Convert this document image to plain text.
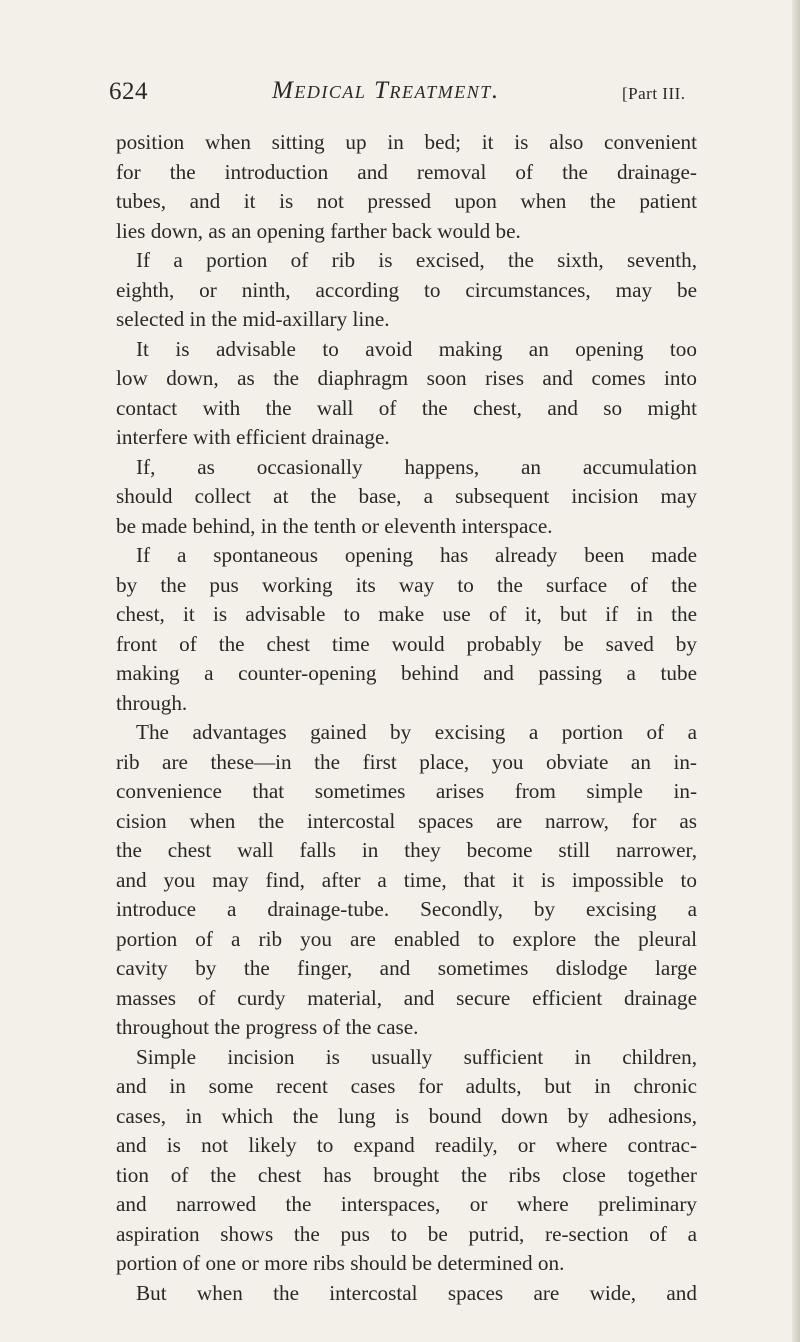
624	Medical Treatment.	[Part III.
position when sitting up in bed; it is also convenient
for the introduction and removal of the drainage-
tubes, and it is not pressed upon when the patient
lies down, as an opening farther back would be.
If a portion of rib is excised, the sixth, seventh,
eighth, or ninth, according to circumstances, may be
selected in the mid-axillary line.
It is advisable to avoid making an opening too
low down, as the diaphragm soon rises and comes into
contact with the wall of the chest, and so might
interfere with efficient drainage.
If, as occasionally happens, an accumulation
should collect at the base, a subsequent incision may
be made behind, in the tenth or eleventh interspace.
If a spontaneous opening has already been made
by the pus working its way to the surface of the
chest, it is advisable to make use of it, but if in the
front of the chest time would probably be saved by
making a counter-opening behind and passing a tube
through.
The advantages gained by excising a portion of a
rib are these—in the first place, you obviate an in-
convenience that sometimes arises from simple in-
cision when the intercostal spaces are narrow, for as
the chest wall falls in they become still narrower,
and you may find, after a time, that it is impossible to
introduce a drainage-tube. Secondly, by excising a
portion of a rib you are enabled to explore the pleural
cavity by the finger, and sometimes dislodge large
masses of curdy material, and secure efficient drainage
throughout the progress of the case.
Simple incision is usually sufficient in children,
and in some recent cases for adults, but in chronic
cases, in which the lung is bound down by adhesions,
and is not likely to expand readily, or where contrac-
tion of the chest has brought the ribs close together
and narrowed the interspaces, or where preliminary
aspiration shows the pus to be putrid, re-section of a
portion of one or more ribs should be determined on.
But when the intercostal spaces are wide, and
